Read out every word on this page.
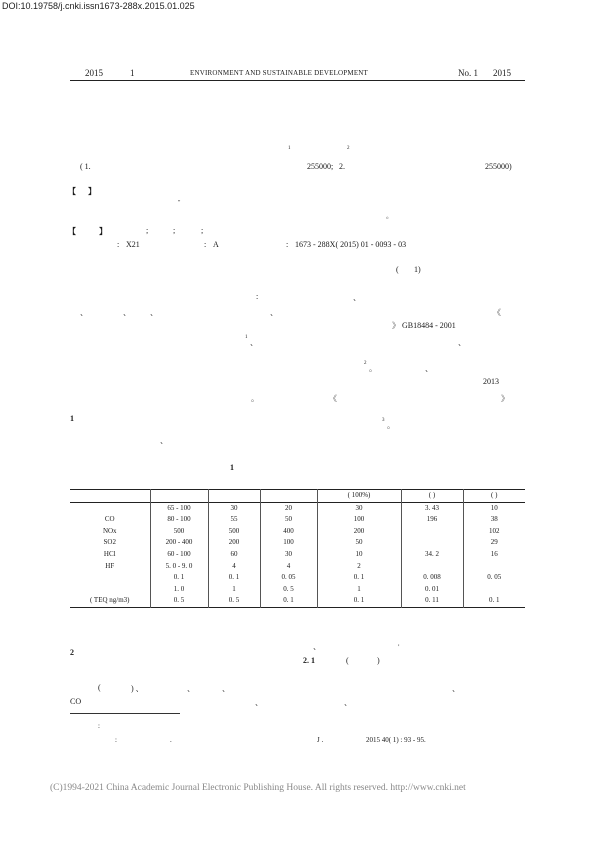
DOI:10.19758/j.cnki.issn1673-288x.2015.01.025
2015	1	ENVIRONMENT AND SUSTAINABLE DEVELOPMENT	No. 1 2015
1	2
( 1.	255000; 2.	255000)
【 】
"
。
【	】	;	;	;
: X21	: A	: 1673 - 288X( 2015) 01 - 0093 - 03
( 1)
:	、
、	、 、	、	《
》 GB18484 - 2001
1
、	、
2
。	、
2013
。	《	》
1	3
。
、
1
				( 100%)	( )	( )
	65 - 100	30	20	30	3. 43	10
CO	80 - 100	55	50	100	196	38
NOx	500	500	400	200		102
SO2	200 - 400	200	100	50		29
HCl	60 - 100	60	30	10	34. 2	16
HF	5. 0 - 9. 0	4	4	2		
	0. 1	0. 1	0. 05	0. 1	0. 008	0. 05
	1. 0	1	0. 5	1	0. 01	
( TEQ ng/m3)	0. 5	0. 5	0. 1	0. 1	0. 11	0. 1
、	,
2
2. 1	(	)
(	) 、	、	、	、
CO	、	、
:
:	.	J .	2015 40( 1) : 93 - 95.
(C)1994-2021 China Academic Journal Electronic Publishing House. All rights reserved. http://www.cnki.net
